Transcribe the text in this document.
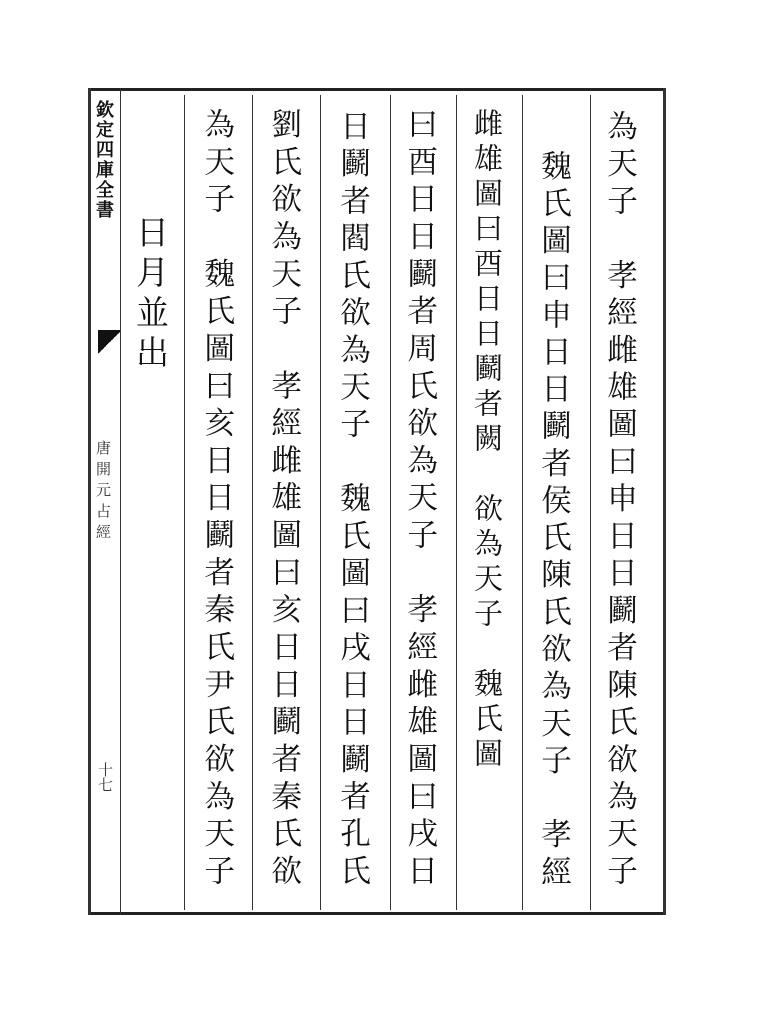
欽定四庫全書
唐開元占經
十七	為天子　孝經雌雄圖曰申日日鬬者陳氏欲為天子
魏氏圖曰申日日鬬者侯氏陳氏欲為天子　孝經
雌雄圖曰酉日日鬬者闕　欲為天子　魏氏圖
曰酉日日鬬者周氏欲為天子　孝經雌雄圖曰戌日
日鬬者閻氏欲為天子　魏氏圖曰戌日日鬬者孔氏
劉氏欲為天子　孝經雌雄圖曰亥日日鬬者秦氏欲
為天子　魏氏圖曰亥日日鬬者秦氏尹氏欲為天子
日月並出
